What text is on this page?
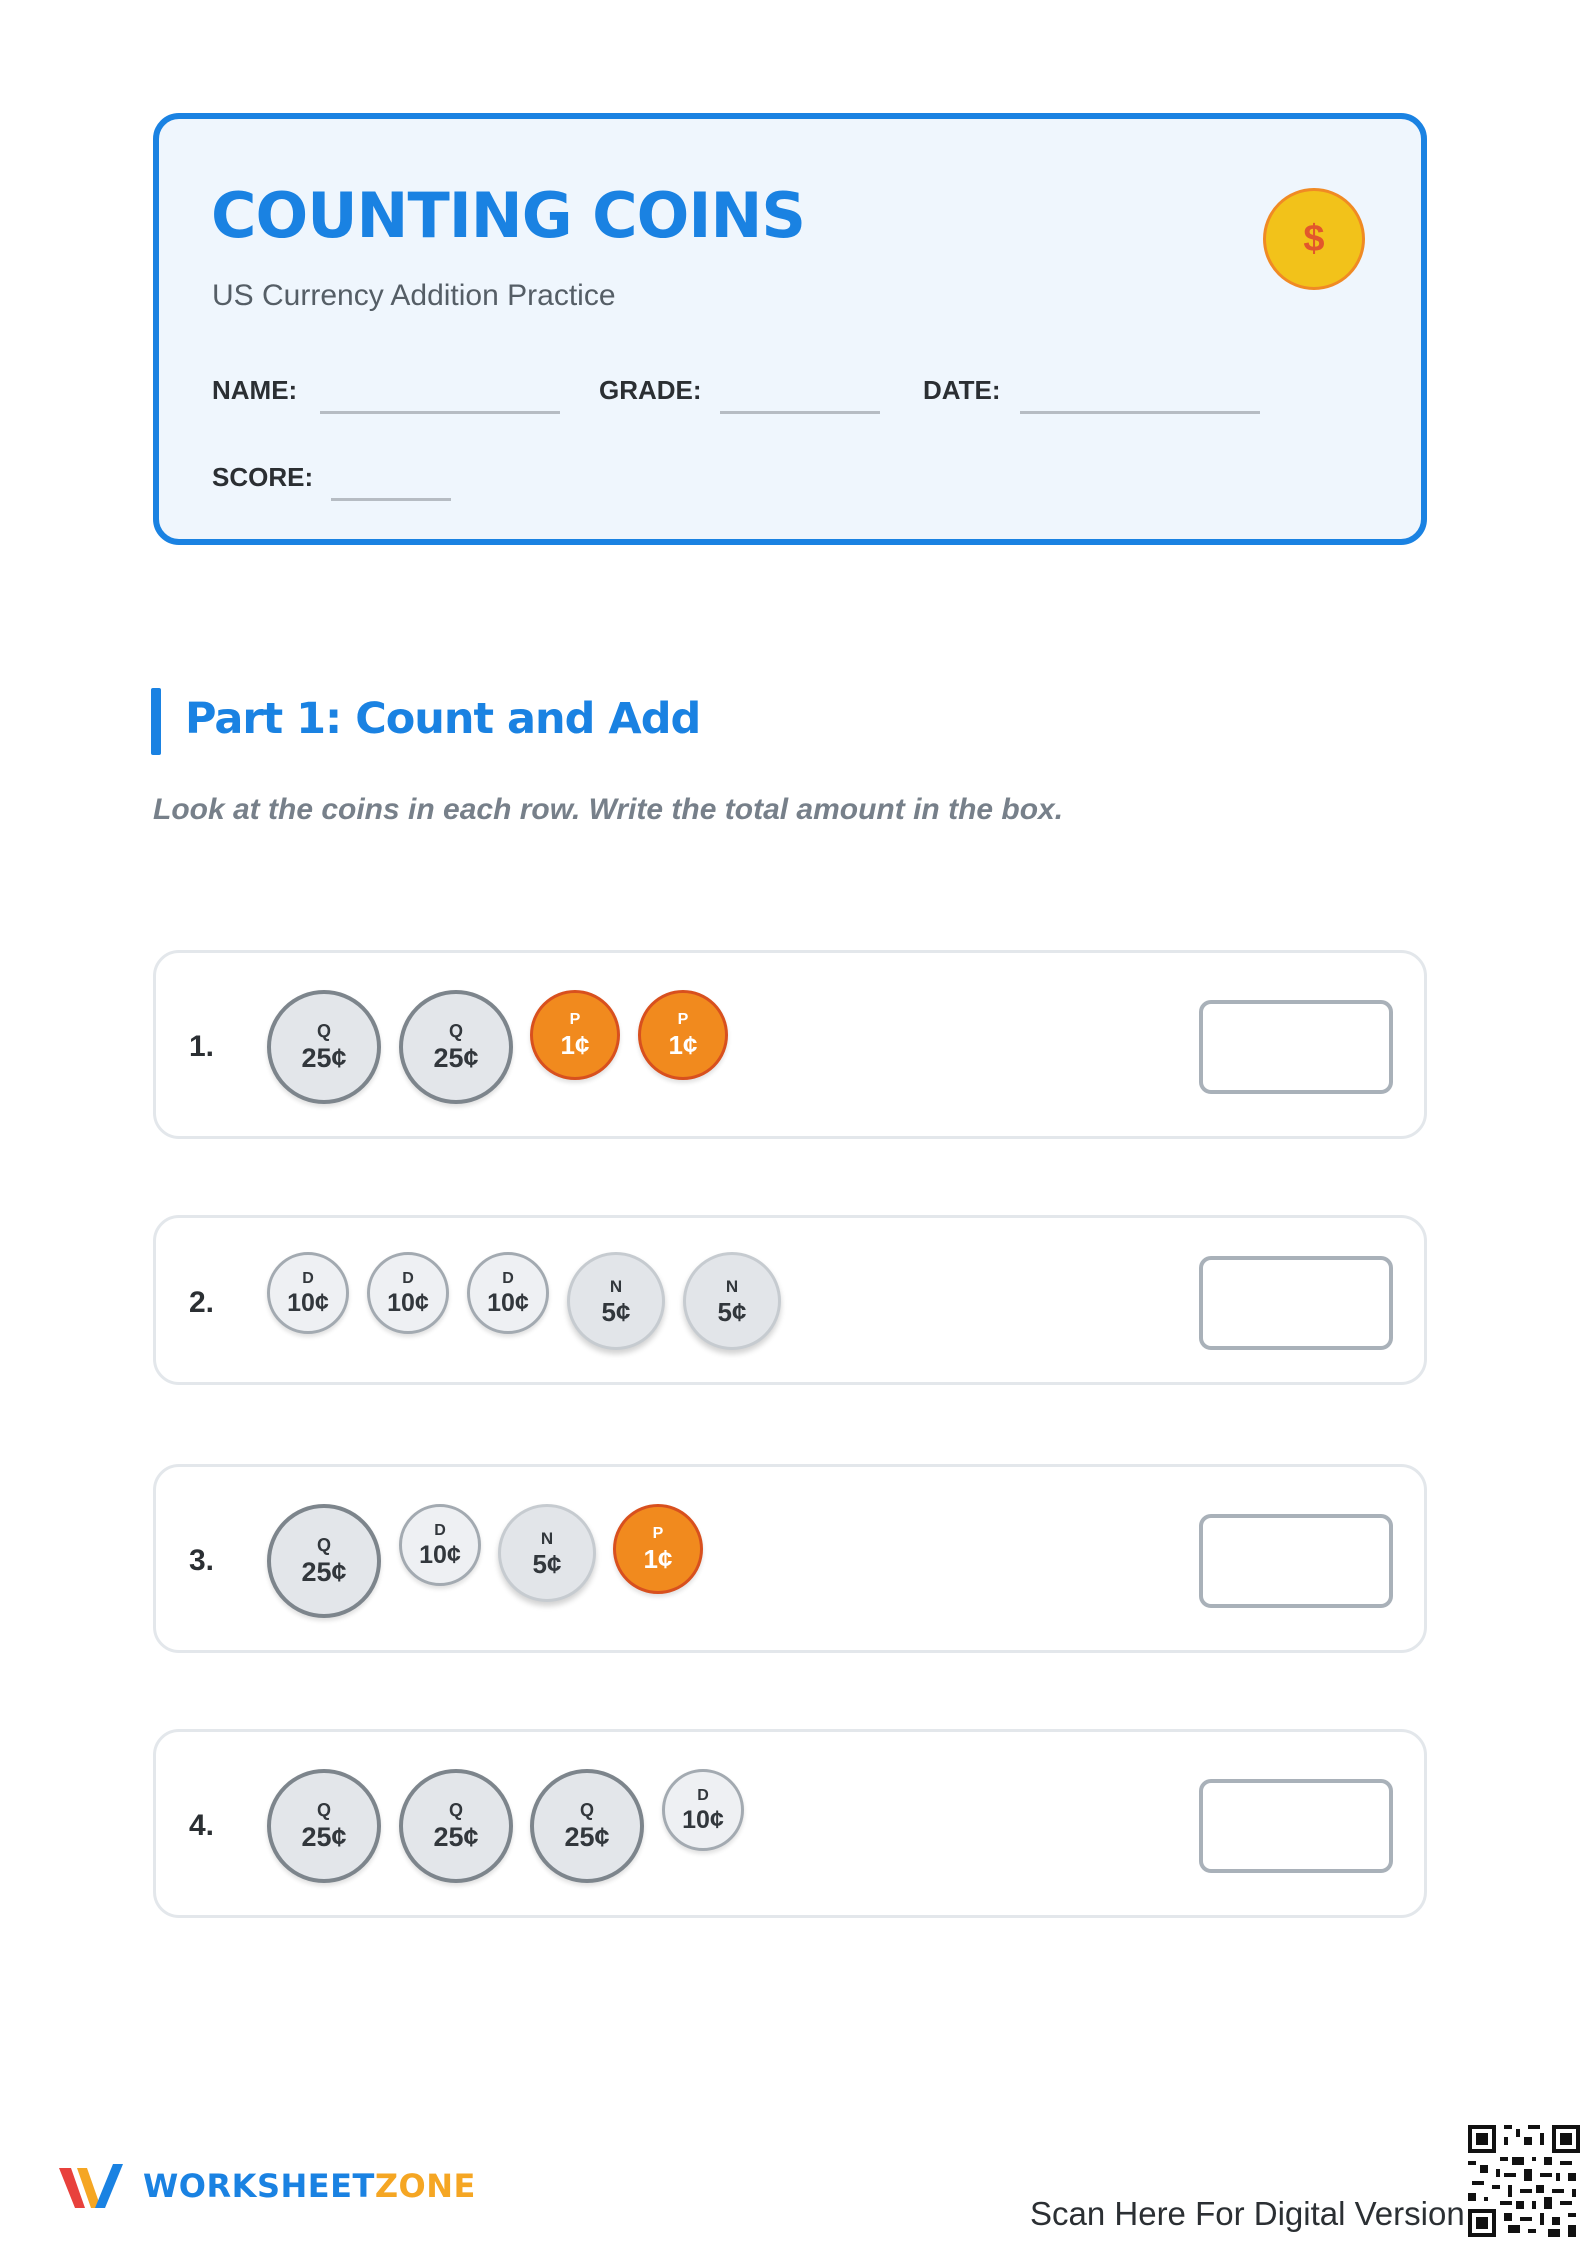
COUNTING COINS
US Currency Addition Practice
$
NAME:	GRADE:	DATE:
SCORE:
Part 1: Count and Add
Look at the coins in each row. Write the total amount in the box.
1.	Q
25¢
Q
25¢
P
1¢
P
1¢
2.
D
10¢
D
10¢
D
10¢
N
5¢
N
5¢
3.	Q
25¢
D
10¢
N
5¢
P
1¢
4.	Q
25¢
Q
25¢
Q
25¢
D
10¢
WORKSHEETZONE
Scan Here For Digital Version
